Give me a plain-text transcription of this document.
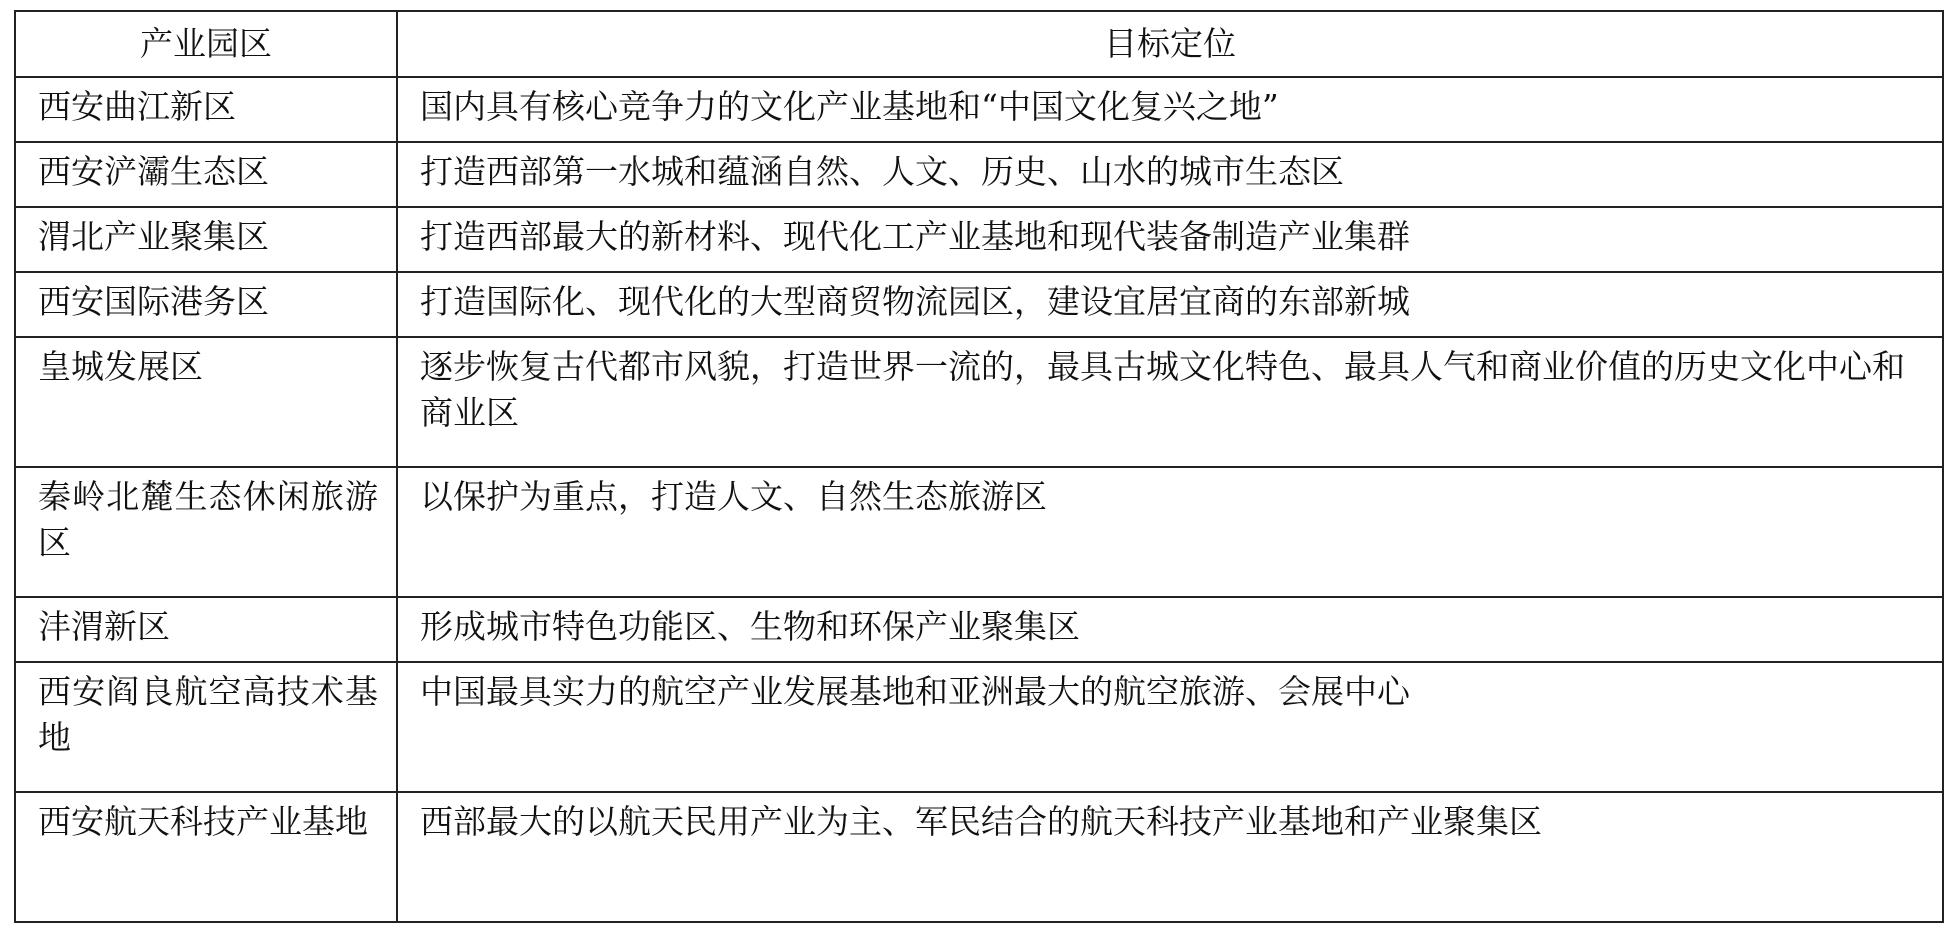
产业园区	目标定位
西安曲江新区	国内具有核心竞争力的文化产业基地和“中国文化复兴之地”
西安浐灞生态区	打造西部第一水城和蕴涵自然、人文、历史、山水的城市生态区
渭北产业聚集区	打造西部最大的新材料、现代化工产业基地和现代装备制造产业集群
西安国际港务区	打造国际化、现代化的大型商贸物流园区，建设宜居宜商的东部新城
皇城发展区	逐步恢复古代都市风貌，打造世界一流的，最具古城文化特色、最具人气和商业价值的历史文化中心和商业区
秦岭北麓生态休闲旅游区	以保护为重点，打造人文、自然生态旅游区
沣渭新区	形成城市特色功能区、生物和环保产业聚集区
西安阎良航空高技术基地	中国最具实力的航空产业发展基地和亚洲最大的航空旅游、会展中心
西安航天科技产业基地	西部最大的以航天民用产业为主、军民结合的航天科技产业基地和产业聚集区
